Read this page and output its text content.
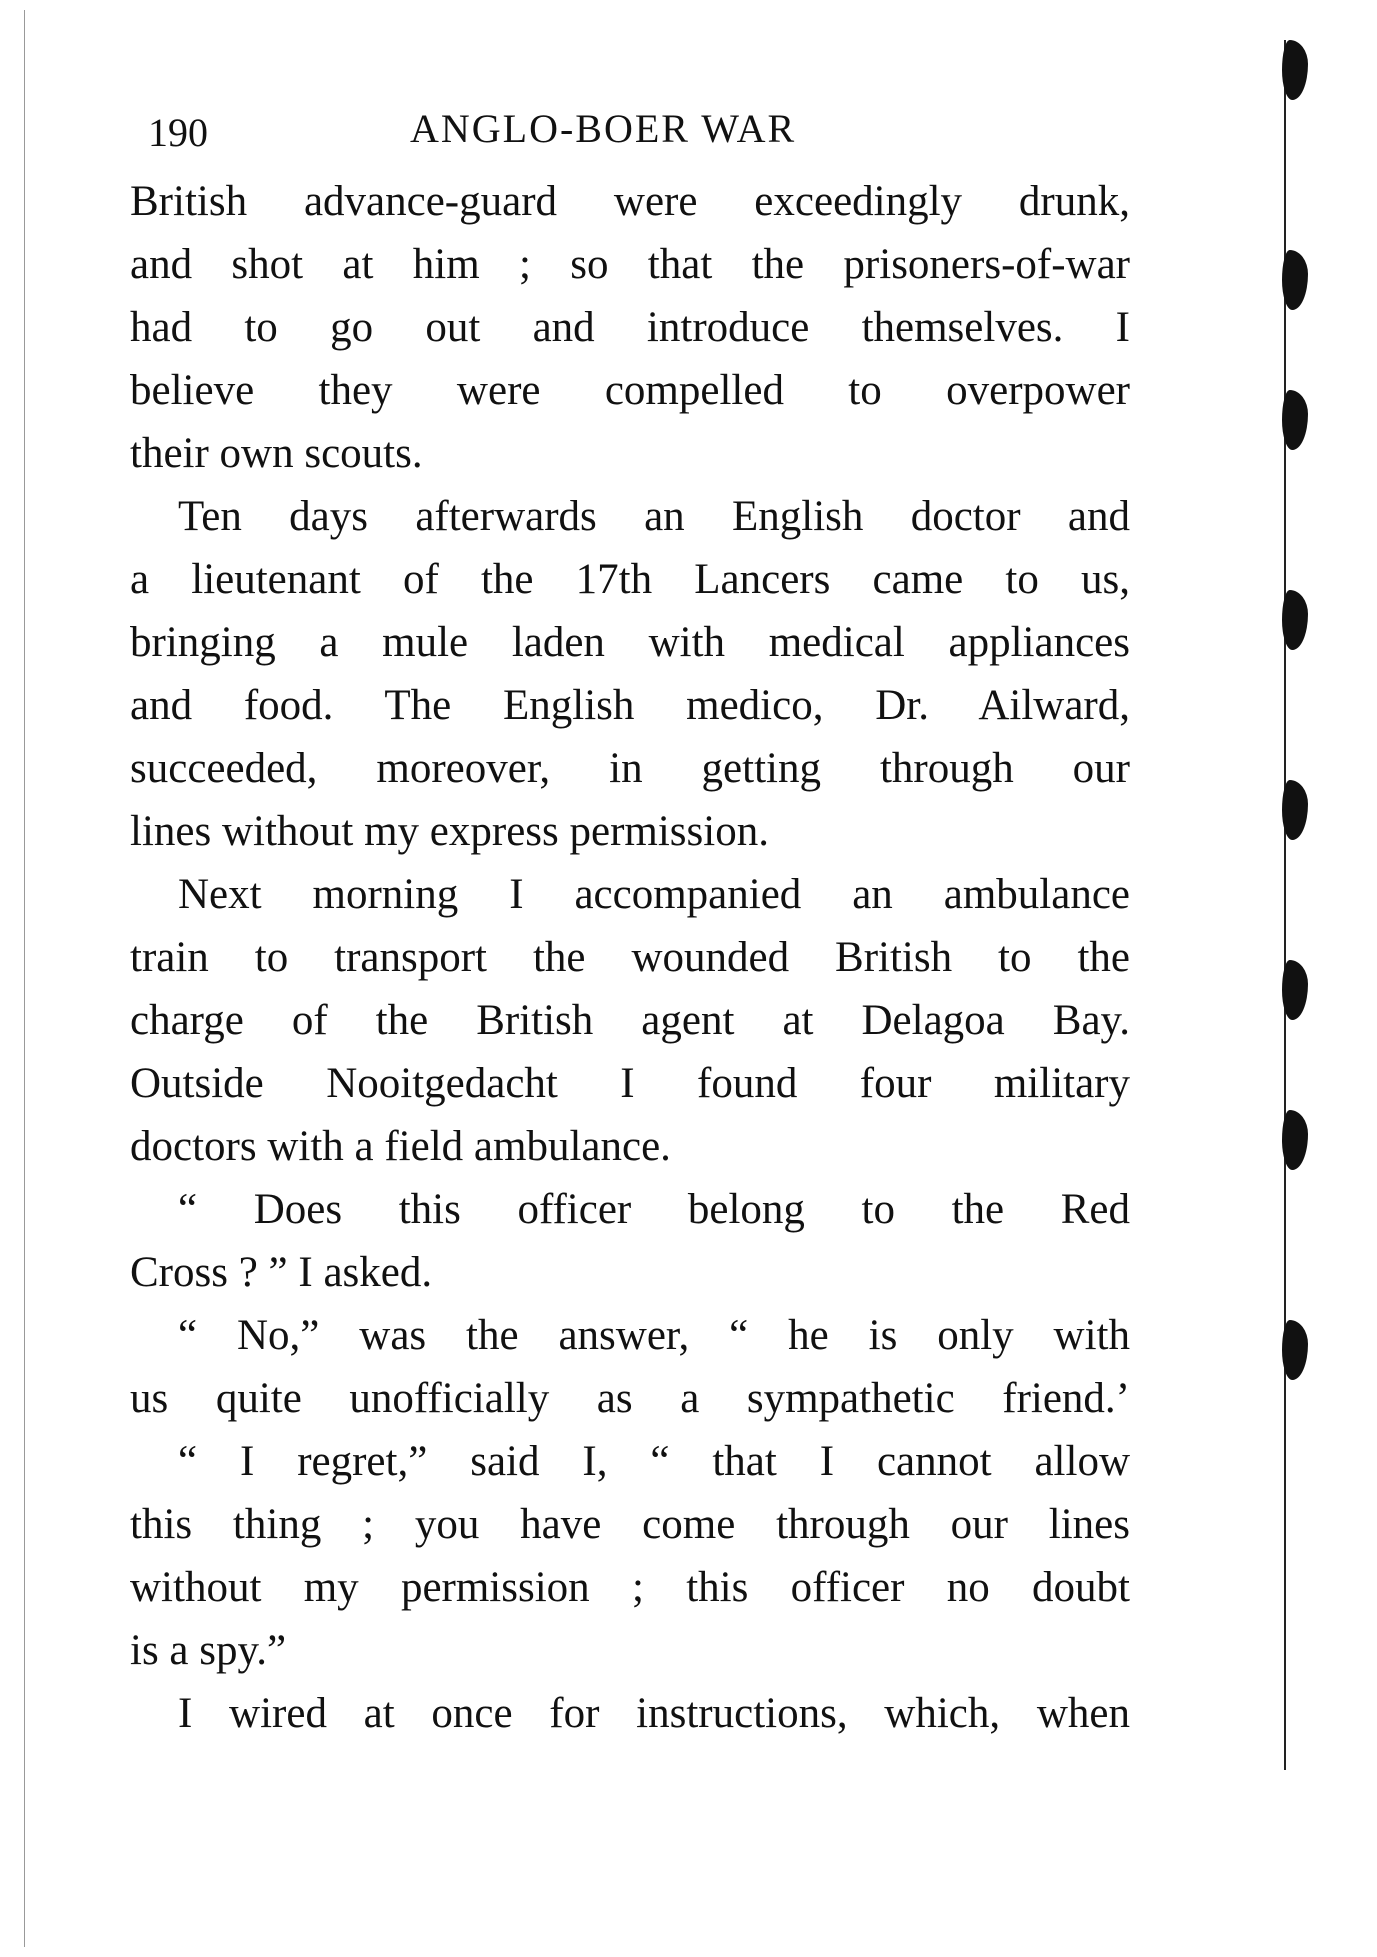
190	ANGLO-BOER WAR
British advance-guard were exceedingly drunk,
and shot at him ; so that the prisoners-of-war
had to go out and introduce themselves. I
believe they were compelled to overpower
their own scouts.
Ten days afterwards an English doctor and
a lieutenant of the 17th Lancers came to us,
bringing a mule laden with medical appliances
and food. The English medico, Dr. Ailward,
succeeded, moreover, in getting through our
lines without my express permission.
Next morning I accompanied an ambulance
train to transport the wounded British to the
charge of the British agent at Delagoa Bay.
Outside Nooitgedacht I found four military
doctors with a field ambulance.
“ Does this officer belong to the Red
Cross ? ” I asked.
“ No,” was the answer, “ he is only with
us quite unofficially as a sympathetic friend.’
“ I regret,” said I, “ that I cannot allow
this thing ; you have come through our lines
without my permission ; this officer no doubt
is a spy.”
I wired at once for instructions, which, when
